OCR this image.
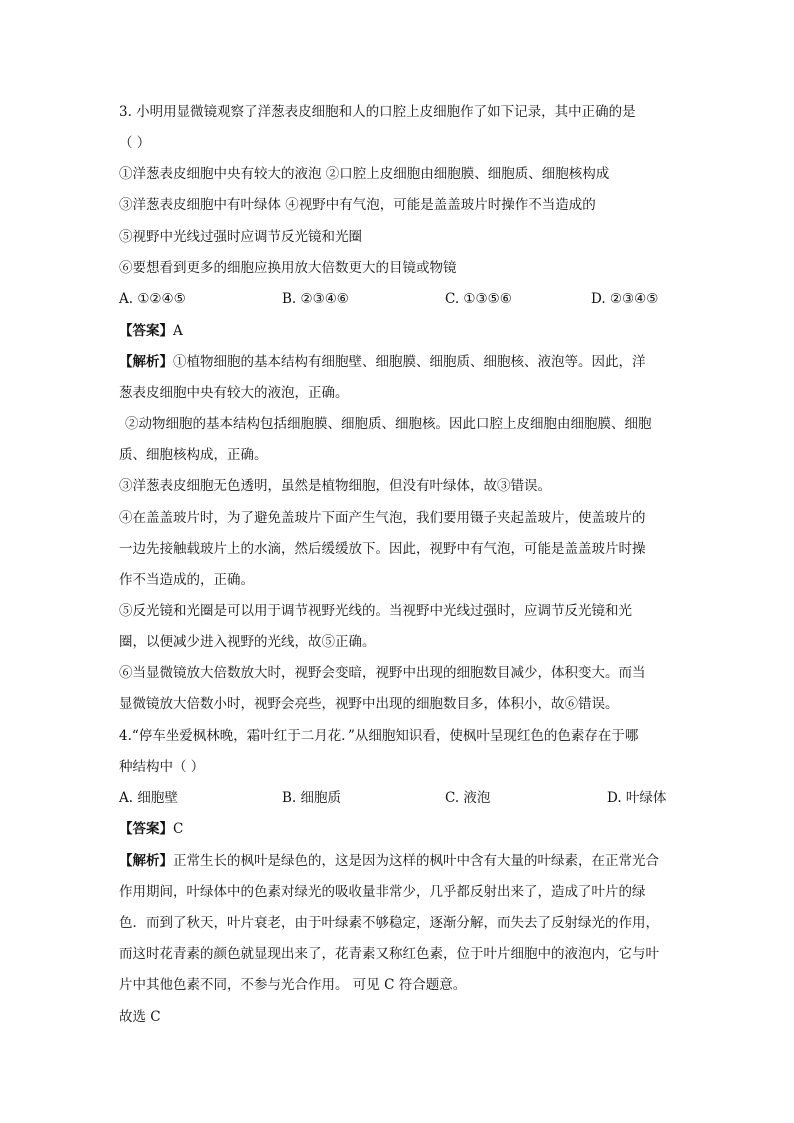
3. 小明用显微镜观察了洋葱表皮细胞和人的口腔上皮细胞作了如下记录，其中正确的是
（ ）
①洋葱表皮细胞中央有较大的液泡 ②口腔上皮细胞由细胞膜、细胞质、细胞核构成
③洋葱表皮细胞中有叶绿体 ④视野中有气泡，可能是盖盖玻片时操作不当造成的
⑤视野中光线过强时应调节反光镜和光圈
⑥要想看到更多的细胞应换用放大倍数更大的目镜或物镜
A. ①②④⑤	B. ②③④⑥	C. ①③⑤⑥	D. ②③④⑤
【答案】A
【解析】①植物细胞的基本结构有细胞壁、细胞膜、细胞质、细胞核、液泡等。因此，洋
葱表皮细胞中央有较大的液泡，正确。
②动物细胞的基本结构包括细胞膜、细胞质、细胞核。因此口腔上皮细胞由细胞膜、细胞
质、细胞核构成，正确。
③洋葱表皮细胞无色透明，虽然是植物细胞，但没有叶绿体，故③错误。
④在盖盖玻片时，为了避免盖玻片下面产生气泡，我们要用镊子夹起盖玻片，使盖玻片的
一边先接触载玻片上的水滴，然后缓缓放下。因此，视野中有气泡，可能是盖盖玻片时操
作不当造成的，正确。
⑤反光镜和光圈是可以用于调节视野光线的。当视野中光线过强时，应调节反光镜和光
圈，以便减少进入视野的光线，故⑤正确。
⑥当显微镜放大倍数放大时，视野会变暗，视野中出现的细胞数目减少，体积变大。而当
显微镜放大倍数小时，视野会亮些，视野中出现的细胞数目多，体积小，故⑥错误。
4.“停车坐爱枫林晚，霜叶红于二月花．”从细胞知识看，使枫叶呈现红色的色素存在于哪
种结构中（ ）
A. 细胞壁	B. 细胞质	C. 液泡	D. 叶绿体
【答案】C
【解析】正常生长的枫叶是绿色的，这是因为这样的枫叶中含有大量的叶绿素，在正常光合
作用期间，叶绿体中的色素对绿光的吸收量非常少，几乎都反射出来了，造成了叶片的绿
色．而到了秋天，叶片衰老，由于叶绿素不够稳定，逐渐分解，而失去了反射绿光的作用，
而这时花青素的颜色就显现出来了，花青素又称红色素，位于叶片细胞中的液泡内，它与叶
片中其他色素不同，不参与光合作用。 可见 C 符合题意。
故选 C
